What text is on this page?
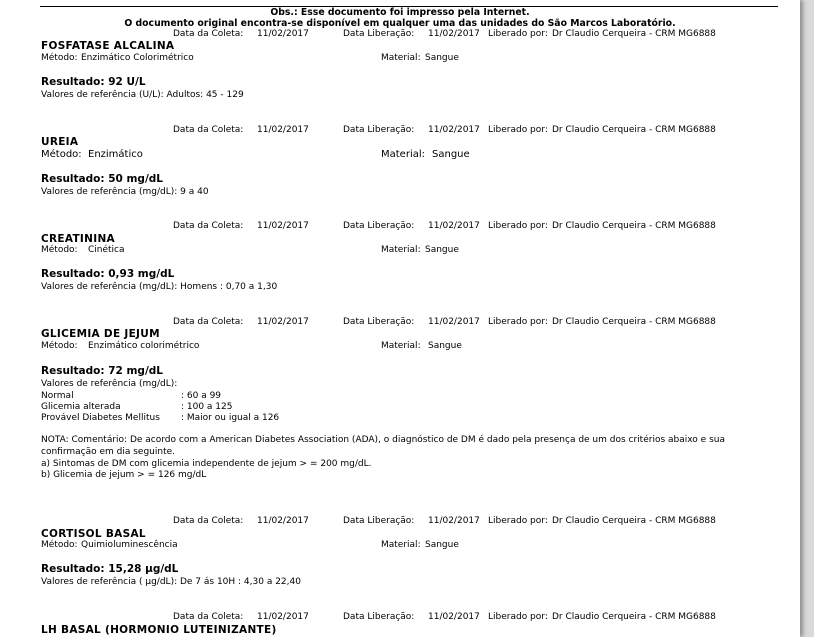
Obs.: Esse documento foi impresso pela Internet.
O documento original encontra-se disponível em qualquer uma das unidades do São Marcos Laboratório.
Data da Coleta: 11/02/2017	Data Liberação: 11/02/2017 Liberado por: Dr Claudio Cerqueira - CRM MG6888
FOSFATASE ALCALINA
Método: Enzimático Colorimétrico	Material: Sangue
Resultado: 92 U/L
Valores de referência (U/L): Adultos: 45 - 129
Data da Coleta: 11/02/2017	Data Liberação: 11/02/2017 Liberado por: Dr Claudio Cerqueira - CRM MG6888
UREIA
Método: Enzimático	Material: Sangue
Resultado: 50 mg/dL
Valores de referência (mg/dL): 9 a 40
Data da Coleta: 11/02/2017	Data Liberação: 11/02/2017 Liberado por: Dr Claudio Cerqueira - CRM MG6888
CREATININA
Método: Cinética	Material: Sangue
Resultado: 0,93 mg/dL
Valores de referência (mg/dL): Homens : 0,70 a 1,30
Data da Coleta: 11/02/2017	Data Liberação: 11/02/2017 Liberado por: Dr Claudio Cerqueira - CRM MG6888
GLICEMIA DE JEJUM
Método: Enzimático colorimétrico	Material: Sangue
Resultado: 72 mg/dL
Valores de referência (mg/dL):
Normal	: 60 a 99
Glicemia alterada	: 100 a 125
Provável Diabetes Mellitus : Maior ou igual a 126
NOTA: Comentário: De acordo com a American Diabetes Association (ADA), o diagnóstico de DM é dado pela presença de um dos critérios abaixo e sua
confirmação em dia seguinte.
a) Sintomas de DM com glicemia independente de jejum > = 200 mg/dL.
b) Glicemia de jejum > = 126 mg/dL
Data da Coleta: 11/02/2017	Data Liberação: 11/02/2017 Liberado por: Dr Claudio Cerqueira - CRM MG6888
CORTISOL BASAL
Método: Quimioluminescência	Material: Sangue
Resultado: 15,28 μg/dL
Valores de referência ( μg/dL): De 7 ás 10H : 4,30 a 22,40
Data da Coleta: 11/02/2017	Data Liberação: 11/02/2017 Liberado por: Dr Claudio Cerqueira - CRM MG6888
LH BASAL (HORMONIO LUTEINIZANTE)
